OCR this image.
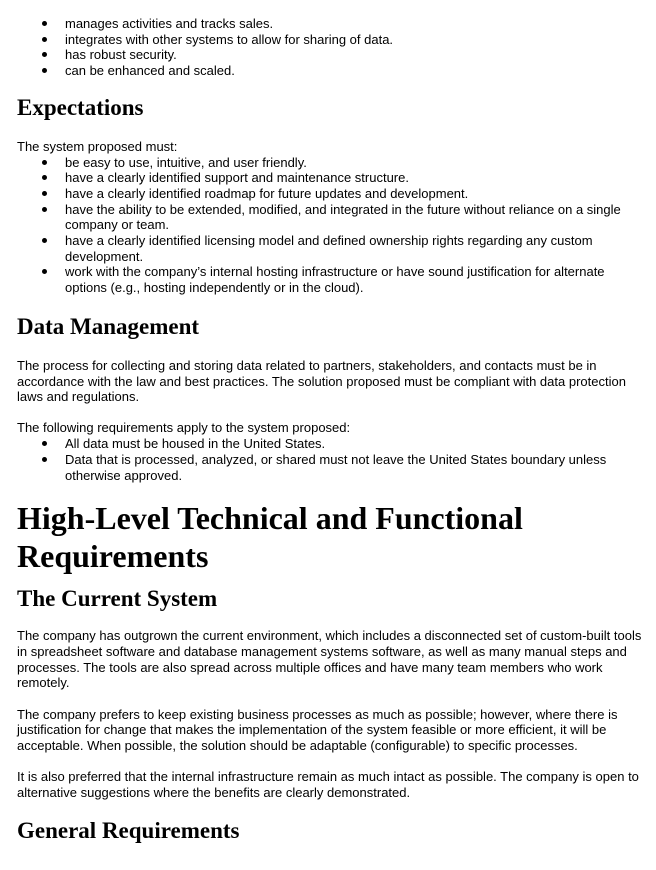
manages activities and tracks sales.
integrates with other systems to allow for sharing of data.
has robust security.
can be enhanced and scaled.
Expectations

The system proposed must:

be easy to use, intuitive, and user friendly.
have a clearly identified support and maintenance structure.
have a clearly identified roadmap for future updates and development.
have the ability to be extended, modified, and integrated in the future without reliance on a single company or team.
have a clearly identified licensing model and defined ownership rights regarding any custom development.
work with the company’s internal hosting infrastructure or have sound justification for alternate options (e.g., hosting independently or in the cloud).
Data Management

The process for collecting and storing data related to partners, stakeholders, and contacts must be in accordance with the law and best practices. The solution proposed must be compliant with data protection laws and regulations.

The following requirements apply to the system proposed:

All data must be housed in the United States.
Data that is processed, analyzed, or shared must not leave the United States boundary unless otherwise approved.
High-Level Technical and Functional Requirements
The Current System

The company has outgrown the current environment, which includes a disconnected set of custom-built tools in spreadsheet software and database management systems software, as well as many manual steps and processes. The tools are also spread across multiple offices and have many team members who work remotely.

The company prefers to keep existing business processes as much as possible; however, where there is justification for change that makes the implementation of the system feasible or more efficient, it will be acceptable. When possible, the solution should be adaptable (configurable) to specific processes.

It is also preferred that the internal infrastructure remain as much intact as possible. The company is open to alternative suggestions where the benefits are clearly demonstrated.

General Requirements
